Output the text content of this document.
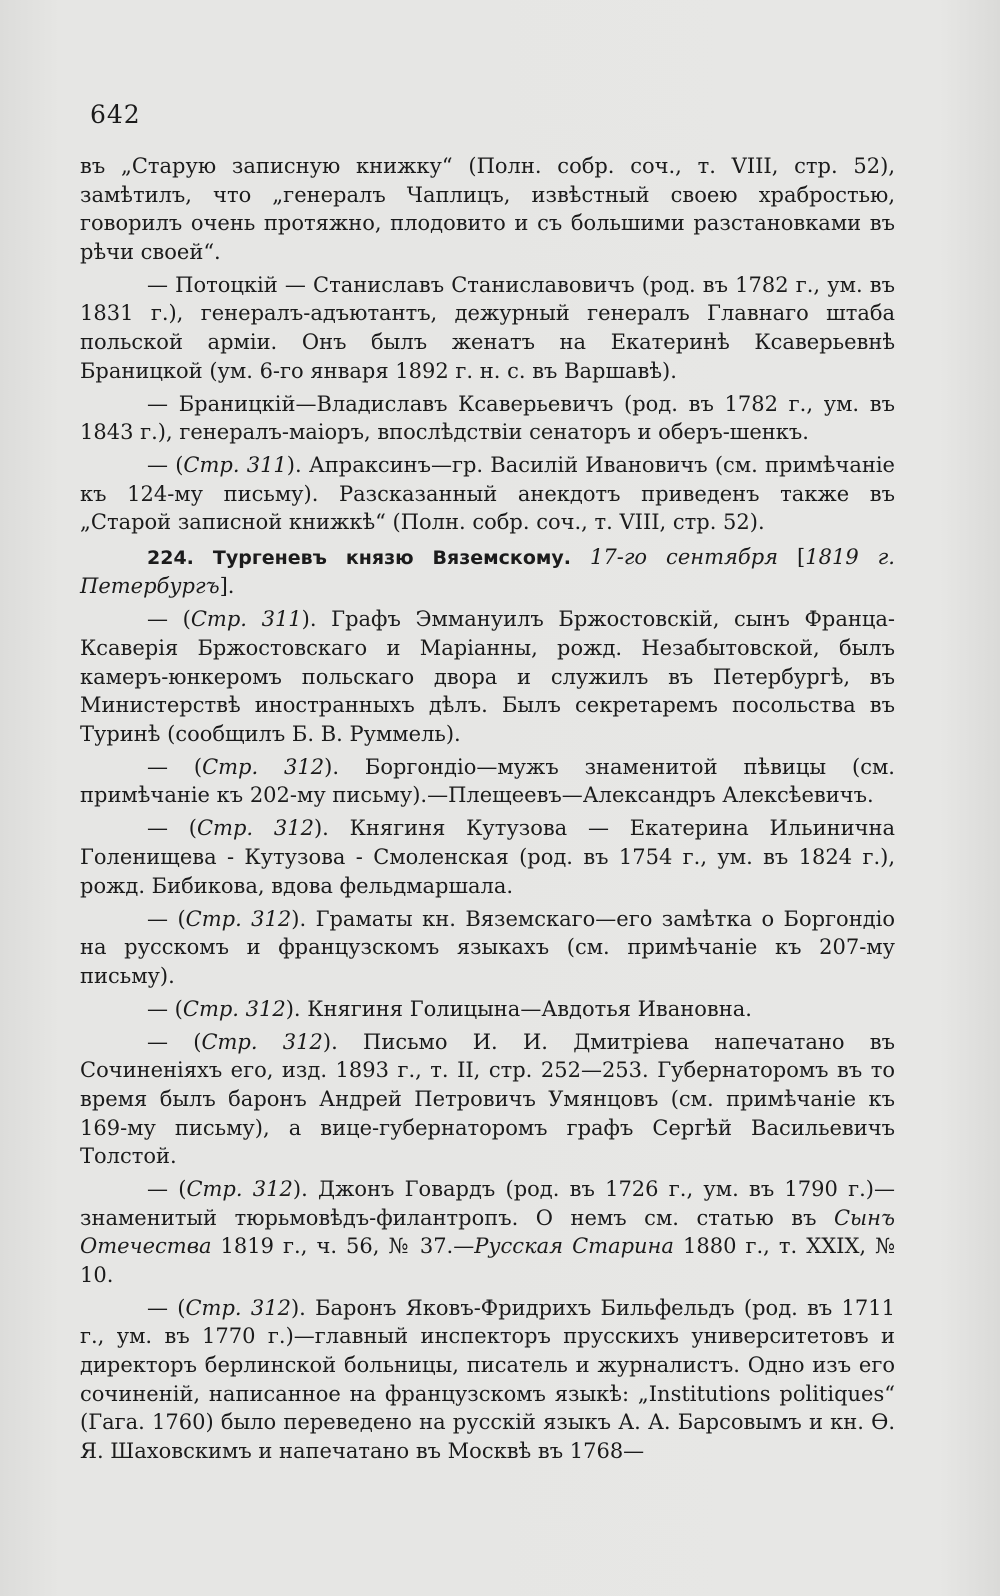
642

въ „Старую записную книжку“ (Полн. собр. соч., т. VIII, стр. 52), замѣтилъ, что „генералъ Чаплицъ, извѣстный своею храбростью, говорилъ очень протяжно, плодовито и съ большими разстановками въ рѣчи своей“.

— Потоцкій — Станиславъ Станиславовичъ (род. въ 1782 г., ум. въ 1831 г.), генералъ-адъютантъ, дежурный генералъ Главнаго штаба польской арміи. Онъ былъ женатъ на Екатеринѣ Ксаверьевнѣ Браницкой (ум. 6-го января 1892 г. н. с. въ Варшавѣ).

— Браницкій—Владиславъ Ксаверьевичъ (род. въ 1782 г., ум. въ 1843 г.), генералъ-маіоръ, впослѣдствіи сенаторъ и оберъ-шенкъ.

— (Стр. 311). Апраксинъ—гр. Василій Ивановичъ (см. примѣчаніе къ 124-му письму). Разсказанный анекдотъ приведенъ также въ „Старой записной книжкѣ“ (Полн. собр. соч., т. VIII, стр. 52).

224. Тургеневъ князю Вяземскому. 17-го сентября [1819 г. Петербургъ].

— (Стр. 311). Графъ Эммануилъ Бржостовскій, сынъ Франца-Ксаверія Бржостовскаго и Маріанны, рожд. Незабытовской, былъ камеръ-юнкеромъ польскаго двора и служилъ въ Петербургѣ, въ Министерствѣ иностранныхъ дѣлъ. Былъ секретаремъ посольства въ Туринѣ (сообщилъ Б. В. Руммель).

— (Стр. 312). Боргондіо—мужъ знаменитой пѣвицы (см. примѣчаніе къ 202-му письму).—Плещеевъ—Александръ Алексѣевичъ.

— (Стр. 312). Княгиня Кутузова — Екатерина Ильинична Голенищева - Кутузова - Смоленская (род. въ 1754 г., ум. въ 1824 г.), рожд. Бибикова, вдова фельдмаршала.

— (Стр. 312). Граматы кн. Вяземскаго—его замѣтка о Боргондіо на русскомъ и французскомъ языкахъ (см. примѣчаніе къ 207-му письму).

— (Стр. 312). Княгиня Голицына—Авдотья Ивановна.

— (Стр. 312). Письмо И. И. Дмитріева напечатано въ Сочиненіяхъ его, изд. 1893 г., т. II, стр. 252—253. Губернаторомъ въ то время былъ баронъ Андрей Петровичъ Умянцовъ (см. примѣчаніе къ 169-му письму), а вице-губернаторомъ графъ Сергѣй Васильевичъ Толстой.

— (Стр. 312). Джонъ Говардъ (род. въ 1726 г., ум. въ 1790 г.)—знаменитый тюрьмовѣдъ-филантропъ. О немъ см. статью въ Сынъ Отечества 1819 г., ч. 56, № 37.—Русская Старина 1880 г., т. XXIX, № 10.

— (Стр. 312). Баронъ Яковъ-Фридрихъ Бильфельдъ (род. въ 1711 г., ум. въ 1770 г.)—главный инспекторъ прусскихъ университетовъ и директоръ берлинской больницы, писатель и журналистъ. Одно изъ его сочиненій, написанное на французскомъ языкѣ: „Institutions politiques“ (Гага. 1760) было переведено на русскій языкъ А. А. Барсовымъ и кн. Ѳ. Я. Шаховскимъ и напечатано въ Москвѣ въ 1768—
